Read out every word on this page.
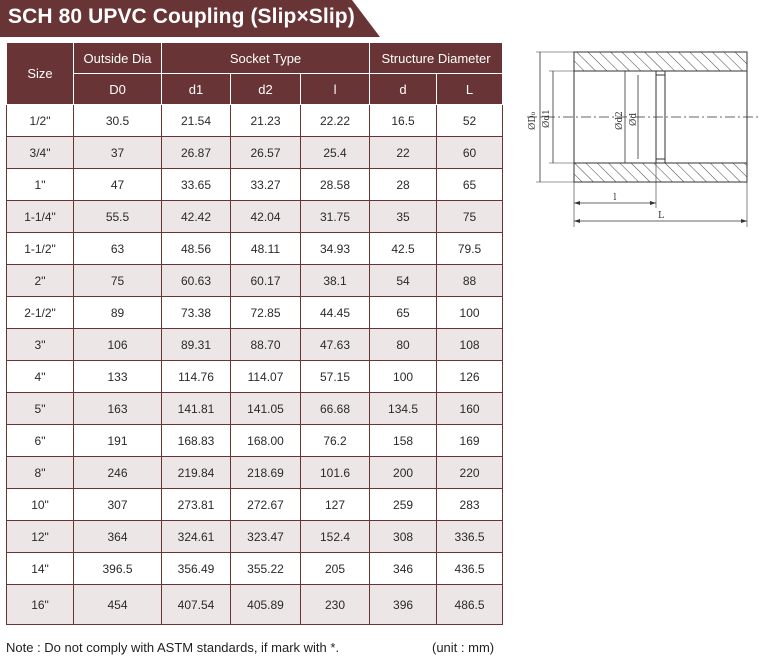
SCH 80 UPVC Coupling (Slip×Slip)
Size	Outside Dia	Socket Type			Structure Diameter	
	D0	d1	d2	l	d	L
1/2"	30.5	21.54	21.23	22.22	16.5	52
3/4"	37	26.87	26.57	25.4	22	60
1"	47	33.65	33.27	28.58	28	65
1-1/4"	55.5	42.42	42.04	31.75	35	75
1-1/2"	63	48.56	48.11	34.93	42.5	79.5
2"	75	60.63	60.17	38.1	54	88
2-1/2"	89	73.38	72.85	44.45	65	100
3"	106	89.31	88.70	47.63	80	108
4"	133	114.76	114.07	57.15	100	126
5"	163	141.81	141.05	66.68	134.5	160
6"	191	168.83	168.00	76.2	158	169
8"	246	219.84	218.69	101.6	200	220
10"	307	273.81	272.67	127	259	283
12"	364	324.61	323.47	152.4	308	336.5
14"	396.5	356.49	355.22	205	346	436.5
16"	454	407.54	405.89	230	396	486.5
ØD₀ Ød1	Ød2 Ød
l
L
Note : Do not comply with ASTM standards, if mark with *.	(unit : mm)
